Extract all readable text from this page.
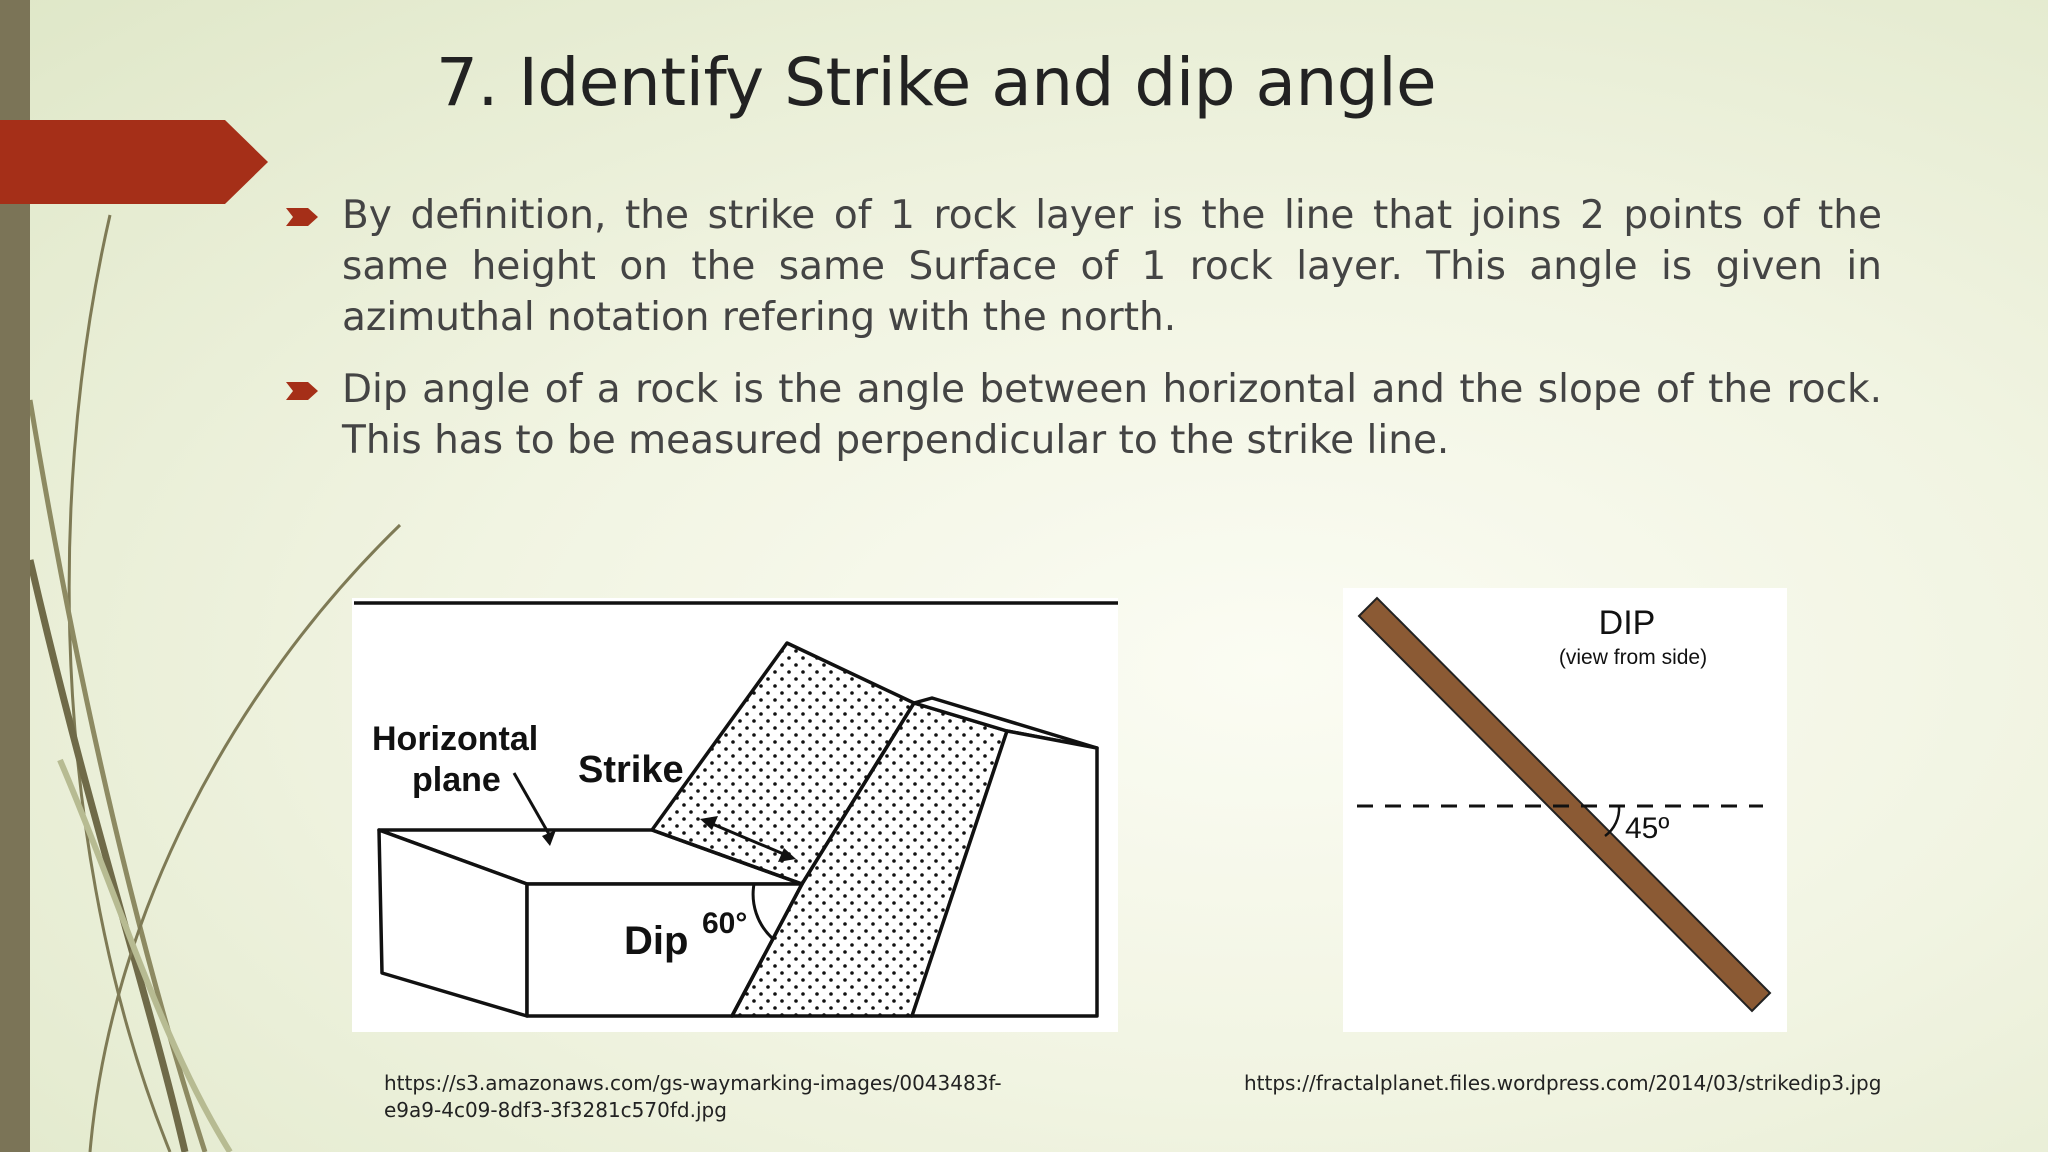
7. Identify Strike and dip angle
By definition, the strike of 1 rock layer is the line that joins 2 points of the same height on the same Surface of 1 rock layer. This angle is given in azimuthal notation refering with the north.
Dip angle of a rock is the angle between horizontal and the slope of the rock. This has to be measured perpendicular to the strike line.
Horizontal
plane Strike
Dip 60°
DIP
(view from side)
45º
https://s3.amazonaws.com/gs-waymarking-images/0043483f-e9a9-4c09-8df3-3f3281c570fd.jpg
https://fractalplanet.files.wordpress.com/2014/03/strikedip3.jpg
